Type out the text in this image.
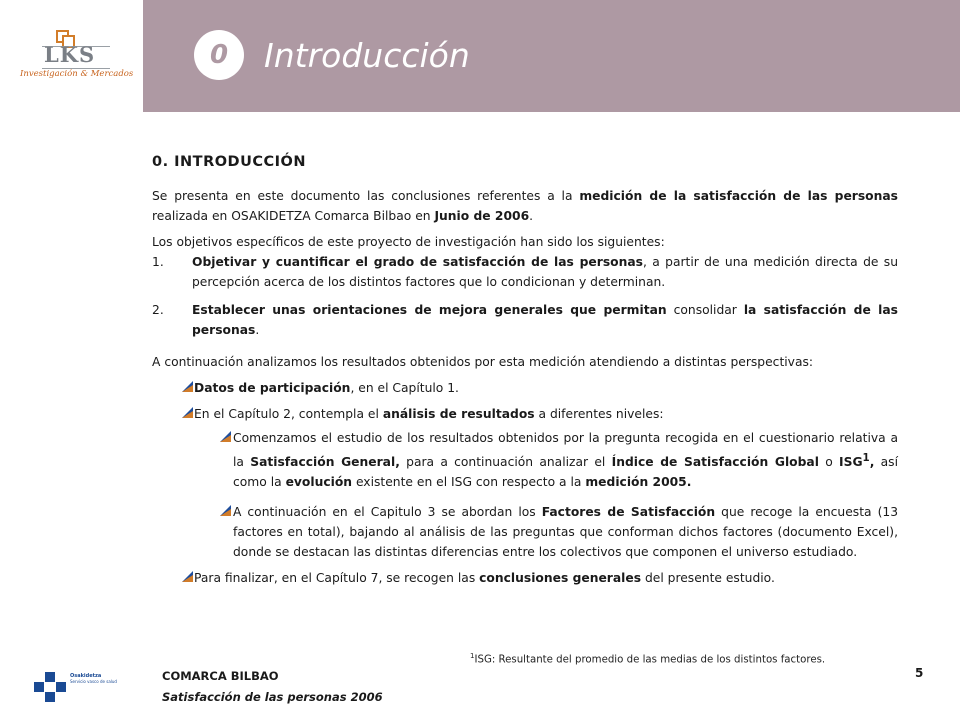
LKS
Investigación & Mercados
0	Introducción
0. INTRODUCCIÓN

Se presenta en este documento las conclusiones referentes a la medición de la satisfacción de las personas realizada en OSAKIDETZA Comarca Bilbao en Junio de 2006.

Los objetivos específicos de este proyecto de investigación han sido los siguientes:

1. Objetivar y cuantificar el grado de satisfacción de las personas, a partir de una medición directa de su percepción acerca de los distintos factores que lo condicionan y determinan.
2. Establecer unas orientaciones de mejora generales que permitan consolidar la satisfacción de las personas.

A continuación analizamos los resultados obtenidos por esta medición atendiendo a distintas perspectivas:

Datos de participación, en el Capítulo 1.
En el Capítulo 2, contempla el análisis de resultados a diferentes niveles:
Comenzamos el estudio de los resultados obtenidos por la pregunta recogida en el cuestionario relativa a la Satisfacción General, para a continuación analizar el Índice de Satisfacción Global o ISG$^1$, así como la evolución existente en el ISG con respecto a la medición 2005.
A continuación en el Capitulo 3 se abordan los Factores de Satisfacción que recoge la encuesta (13 factores en total), bajando al análisis de las preguntas que conforman dichos factores (documento Excel), donde se destacan las distintas diferencias entre los colectivos que componen el universo estudiado.
Para finalizar, en el Capítulo 7, se recogen las conclusiones generales del presente estudio.
$^1$ISG: Resultante del promedio de las medias de los distintos factores.
Osakidetza
Servicio vasco de salud	COMARCA BILBAO
Satisfacción de las personas 2006
5
